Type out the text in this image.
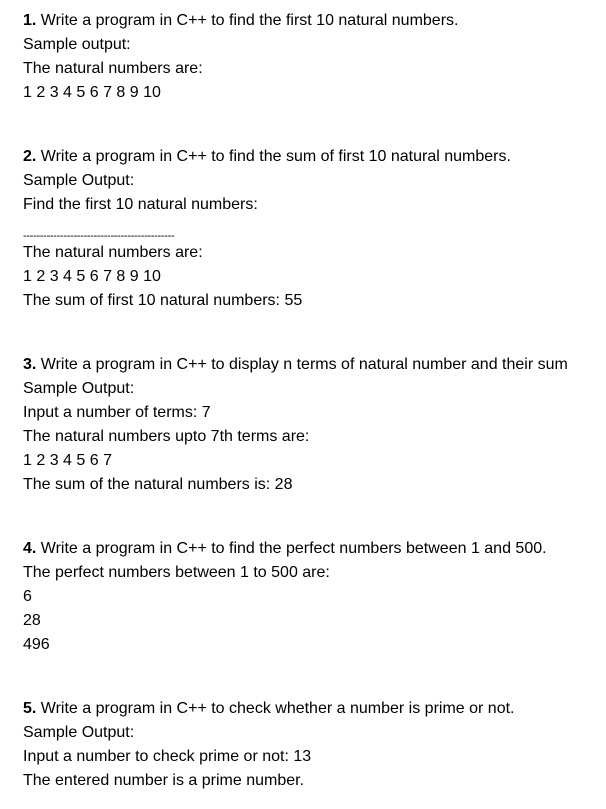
1. Write a program in C++ to find the first 10 natural numbers.
Sample output:
The natural numbers are:
1 2 3 4 5 6 7 8 9 10
2. Write a program in C++ to find the sum of first 10 natural numbers.
Sample Output:
Find the first 10 natural numbers:
---------------------------------------------
The natural numbers are:
1 2 3 4 5 6 7 8 9 10
The sum of first 10 natural numbers: 55
3. Write a program in C++ to display n terms of natural number and their sum
Sample Output:
Input a number of terms: 7
The natural numbers upto 7th terms are:
1 2 3 4 5 6 7
The sum of the natural numbers is: 28
4. Write a program in C++ to find the perfect numbers between 1 and 500.
The perfect numbers between 1 to 500 are:
6
28
496
5. Write a program in C++ to check whether a number is prime or not.
Sample Output:
Input a number to check prime or not: 13
The entered number is a prime number.
